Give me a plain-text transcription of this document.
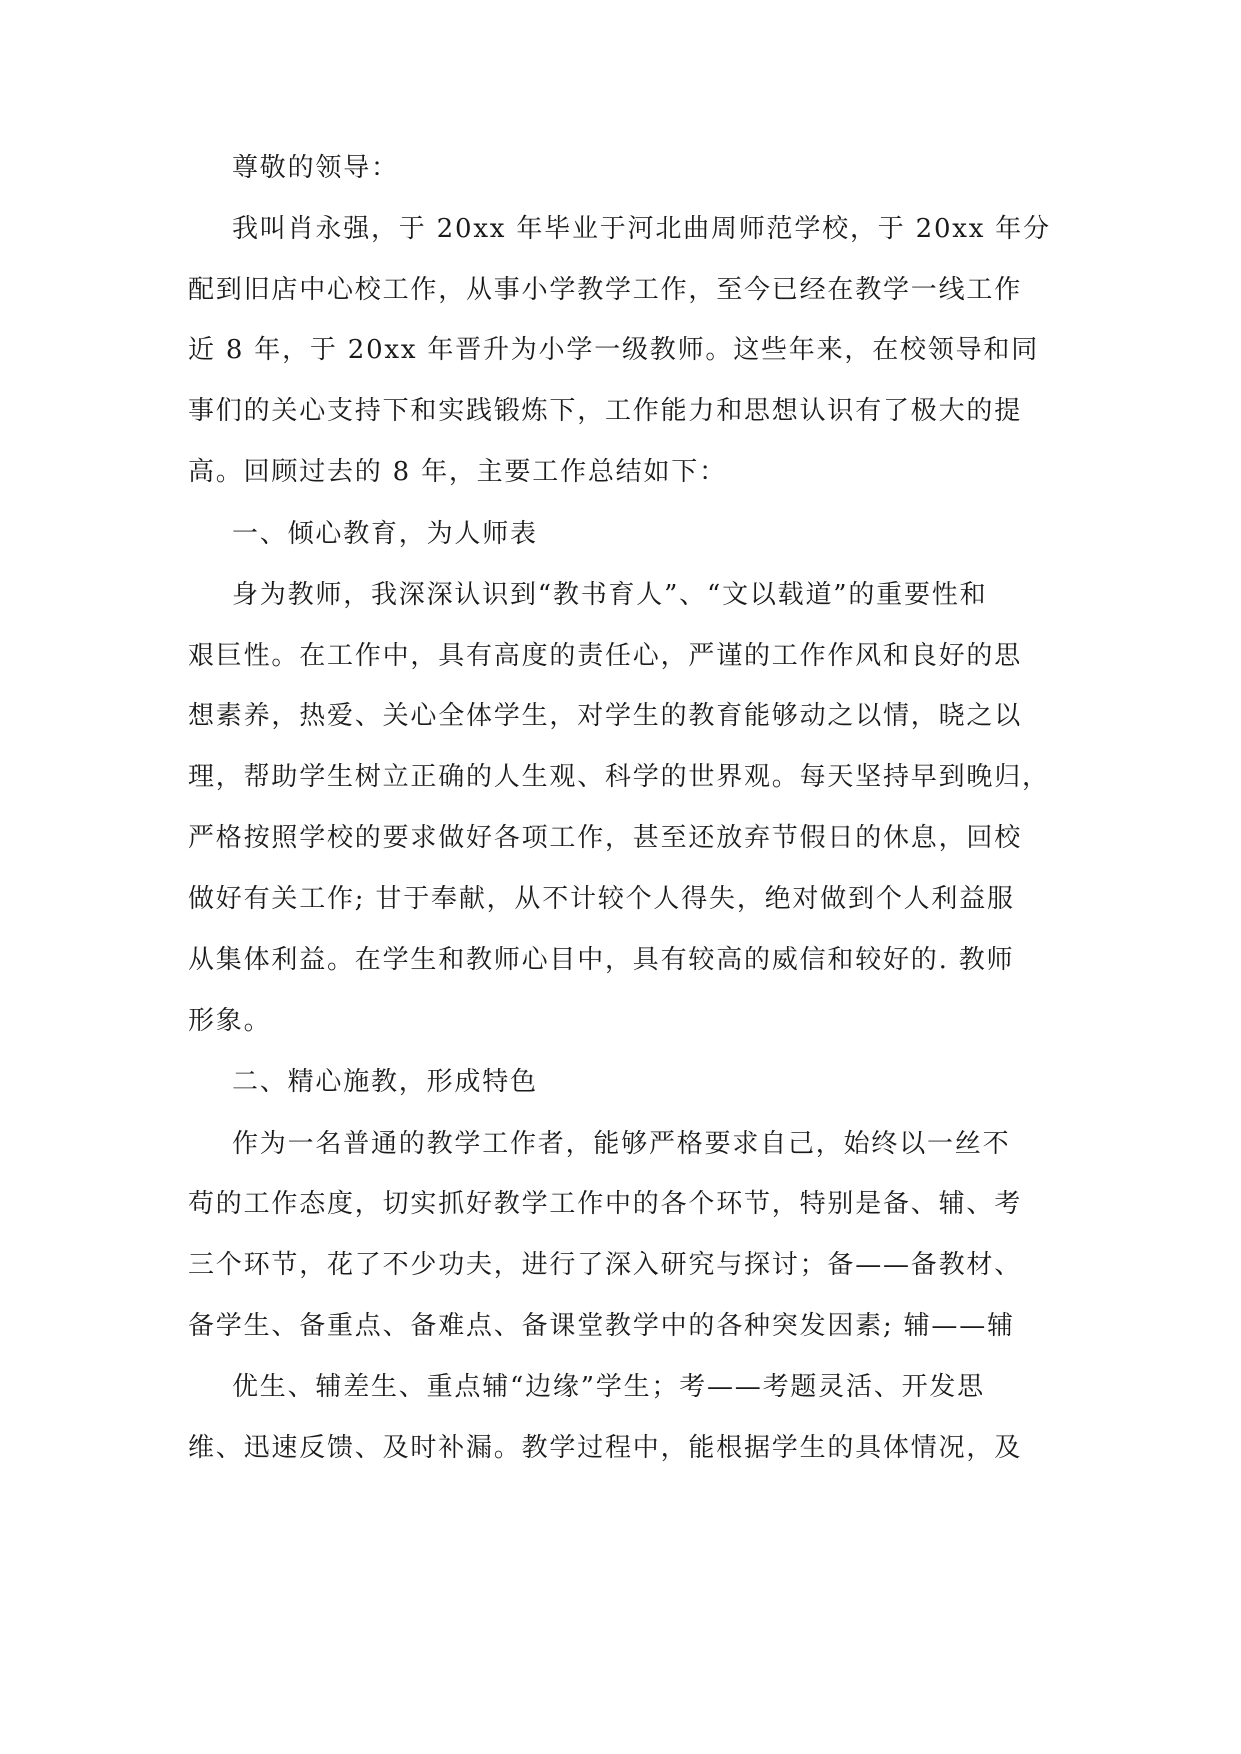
尊敬的领导：

我叫肖永强，于 20xx 年毕业于河北曲周师范学校，于 20xx 年分

配到旧店中心校工作，从事小学教学工作，至今已经在教学一线工作

近 8 年，于 20xx 年晋升为小学一级教师。这些年来，在校领导和同

事们的关心支持下和实践锻炼下，工作能力和思想认识有了极大的提

高。回顾过去的 8 年，主要工作总结如下：

一、倾心教育，为人师表

身为教师，我深深认识到“教书育人”、“文以载道”的重要性和

艰巨性。在工作中，具有高度的责任心，严谨的工作作风和良好的思

想素养，热爱、关心全体学生，对学生的教育能够动之以情，晓之以

理，帮助学生树立正确的人生观、科学的世界观。每天坚持早到晚归，

严格按照学校的要求做好各项工作，甚至还放弃节假日的休息，回校

做好有关工作; 甘于奉献，从不计较个人得失，绝对做到个人利益服

从集体利益。在学生和教师心目中，具有较高的威信和较好的. 教师

形象。

二、精心施教，形成特色

作为一名普通的教学工作者，能够严格要求自己，始终以一丝不

苟的工作态度，切实抓好教学工作中的各个环节，特别是备、辅、考

三个环节，花了不少功夫，进行了深入研究与探讨；备——备教材、

备学生、备重点、备难点、备课堂教学中的各种突发因素; 辅——辅

优生、辅差生、重点辅“边缘”学生；考——考题灵活、开发思

维、迅速反馈、及时补漏。教学过程中，能根据学生的具体情况，及
